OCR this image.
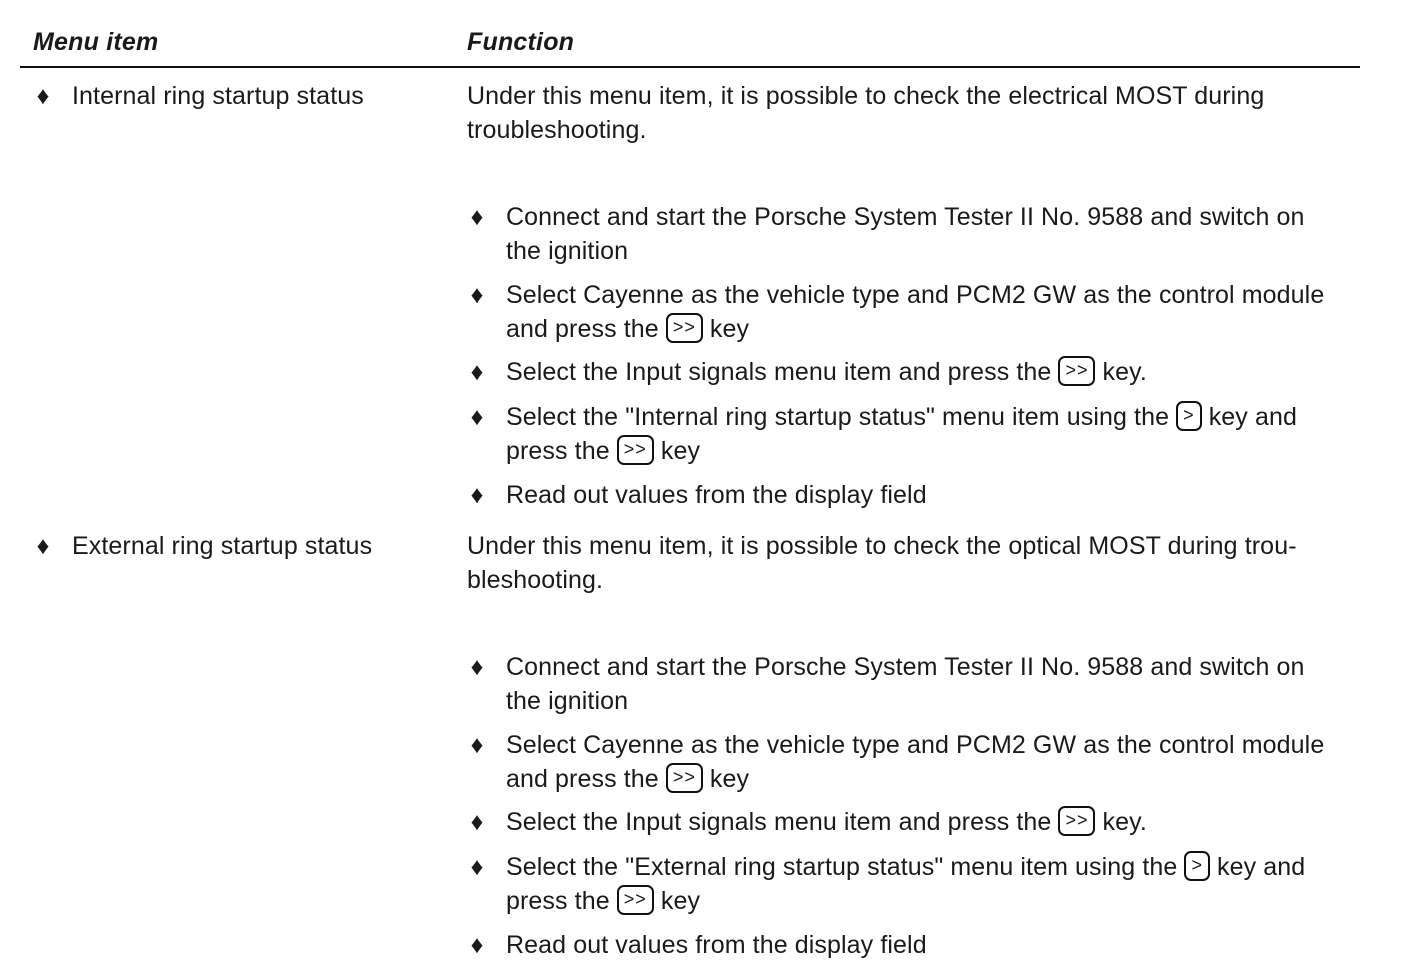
Menu item	Function
♦ Internal ring startup status	Under this menu item, it is possible to check the electrical MOST during troubleshooting.
♦ Connect and start the Porsche System Tester II No. 9588 and switch on the ignition
♦ Select Cayenne as the vehicle type and PCM2 GW as the control module and press the >> key
♦ Select the Input signals menu item and press the >> key.
♦ Select the "Internal ring startup status" menu item using the > key and press the >> key
♦ Read out values from the display field
♦ External ring startup status	Under this menu item, it is possible to check the optical MOST during trou-bleshooting.
♦ Connect and start the Porsche System Tester II No. 9588 and switch on the ignition
♦ Select Cayenne as the vehicle type and PCM2 GW as the control module and press the >> key
♦ Select the Input signals menu item and press the >> key.
♦ Select the "External ring startup status" menu item using the > key and press the >> key
♦ Read out values from the display field
